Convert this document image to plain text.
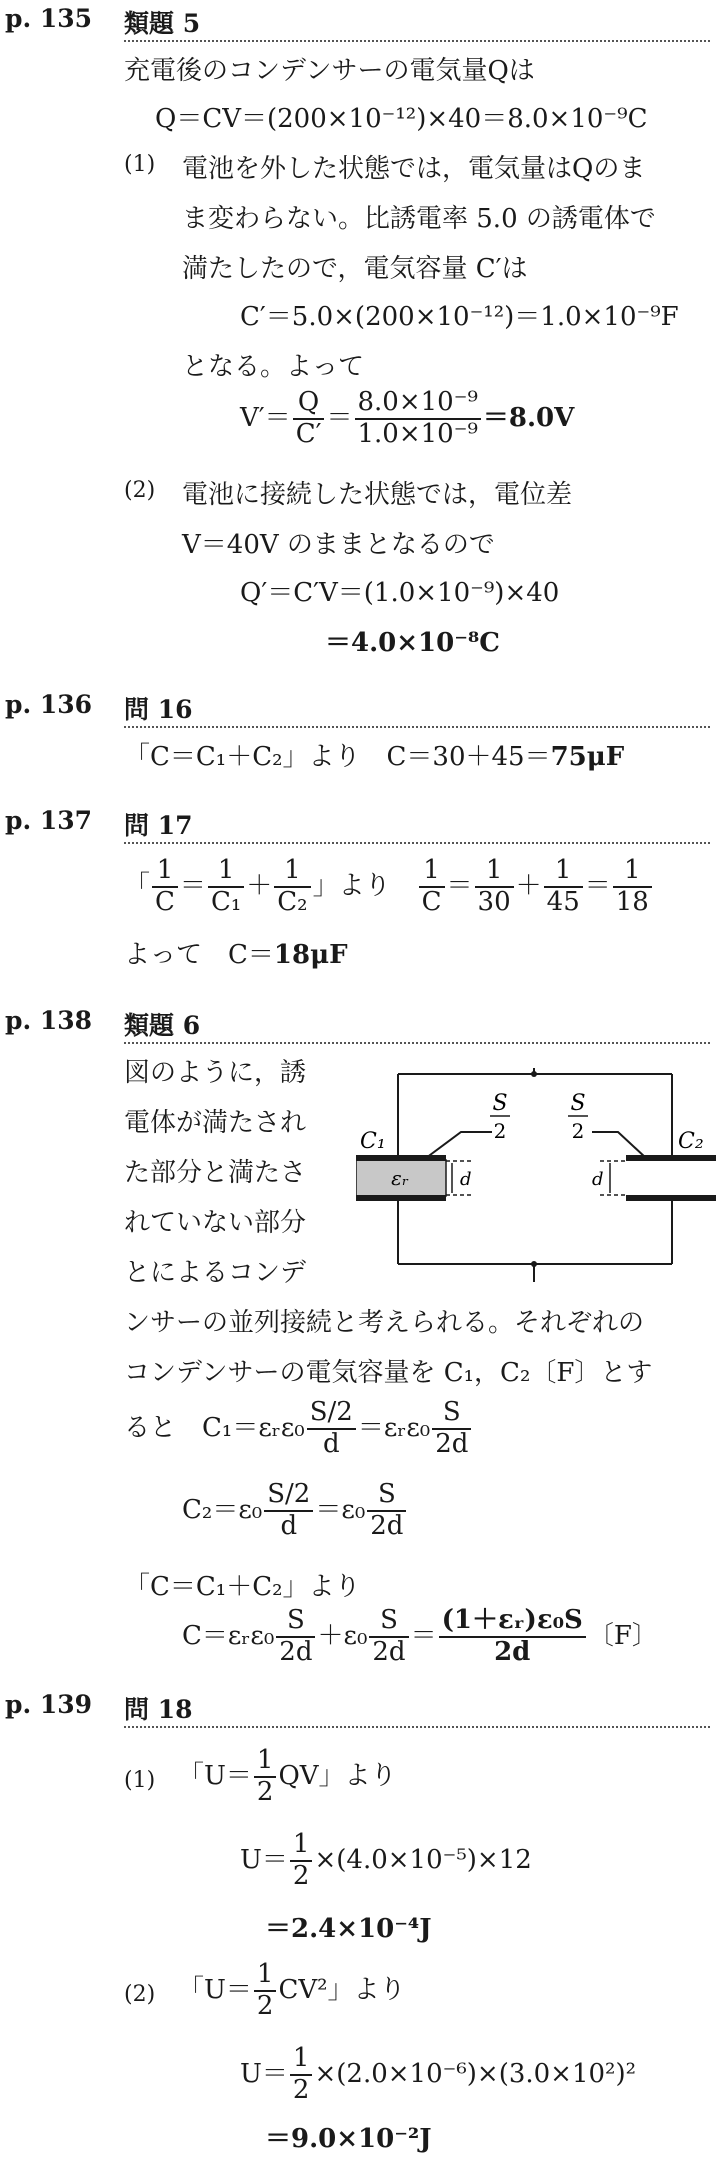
p. 135 類題 5
充電後のコンデンサーの電気量Qは
Q＝CV＝(200×10⁻¹²)×40＝8.0×10⁻⁹C
(1) 電池を外した状態では，電気量はQのま
ま変わらない。比誘電率 5.0 の誘電体で
満たしたので，電気容量 C′は
C′＝5.0×(200×10⁻¹²)＝1.0×10⁻⁹F
となる。よって
$V'= \frac{Q}{C'} = \frac{\text{8.0×10⁻⁹}}{\text{1.0×10⁻⁹}} =8.0V$
(2) 電池に接続した状態では，電位差
V＝40V のままとなるので
Q′＝C′V＝(1.0×10⁻⁹)×40
＝4.0×10⁻⁸C
p. 136 問 16
「C＝C₁＋C₂」より　C＝30＋45＝75μF
p. 137 問 17
「 $\frac{1}{C} = \frac{1}{\text{C₁}} + \frac{1}{\text{C₂}}$ 」より $\frac{1}{C} = \frac{1}{30} + \frac{1}{45} = \frac{1}{18}$
よって　C＝18μF
p. 138 類題 6
図のように，誘
電体が満たされ
た部分と満たさ
れていない部分
とによるコンデ
C₁	C₂
S
2
S
2
εᵣ	d	d
ンサーの並列接続と考えられる。それぞれの
コンデンサーの電気容量を C₁，C₂〔F〕とす
ると　C₁＝εᵣε₀ $\frac{S/2}{d}$ ＝εᵣε₀ $\frac{S}{2d}$
$C_2=\varepsilon_0 \frac{S/2}{d} =\varepsilon_0 \frac{S}{2d}$
「C＝C₁＋C₂」より
C＝εᵣε₀ $\frac{S}{2d} +\varepsilon_0 \frac{S}{2d} = \frac{\text{(1＋εᵣ)ε₀S}}{2d}$ 〔F〕
p. 139 問 18
(1) 「$U= \frac{1}{2}$ QV」より
$U= \frac{1}{2} \times(4.0\times 10^{-5})\times 12$
＝2.4×10⁻⁴J
(2) 「$U= \frac{1}{2} CV^2$」より
$U= \frac{1}{2} \times(2.0\times 10^{-6})\times(3.0\times 10^2)^2$
＝9.0×10⁻²J
